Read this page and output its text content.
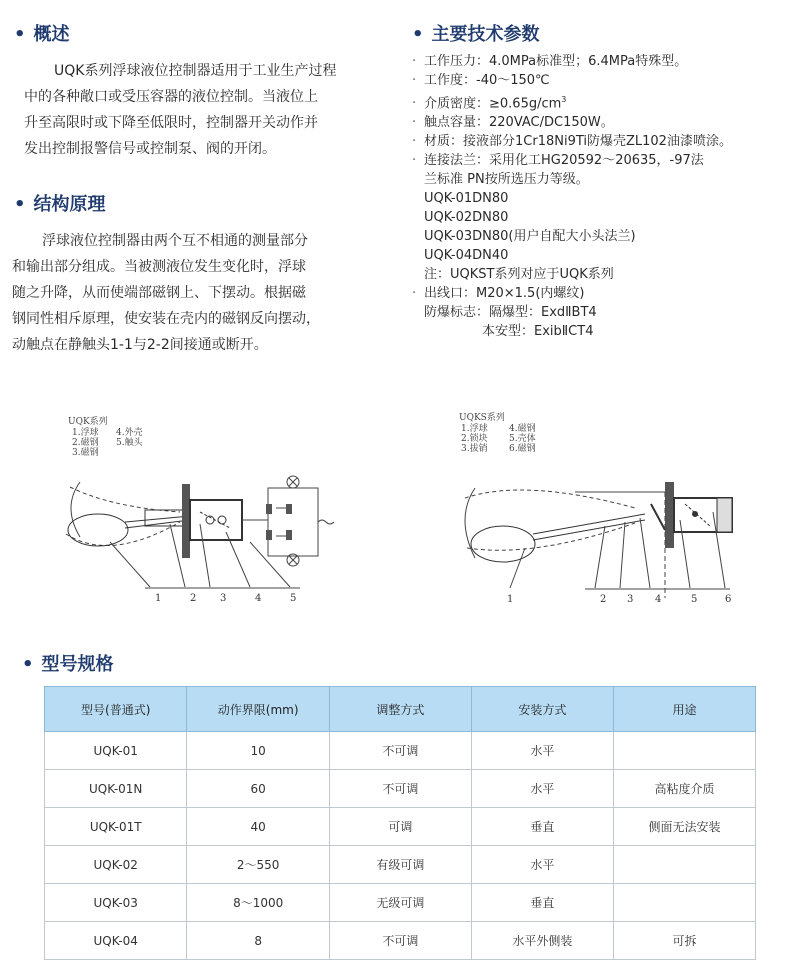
• 概述

UQK系列浮球液位控制器适用于工业生产过程

中的各种敞口或受压容器的液位控制。当液位上

升至高限时或下降至低限时，控制器开关动作并

发出控制报警信号或控制泵、阀的开闭。

• 结构原理

浮球液位控制器由两个互不相通的测量部分

和输出部分组成。当被测液位发生变化时，浮球

随之升降，从而使端部磁钢上、下摆动。根据磁

钢同性相斥原理，使安装在壳内的磁钢反向摆动，

动触点在静触头1-1与2-2间接通或断开。

• 主要技术参数
· 工作压力：4.0MPa标准型；6.4MPa特殊型。
· 工作度：-40～150℃
· 介质密度：$\ge 0.65g/cm^3$
· 触点容量：220VAC/DC150W。
· 材质：接液部分1Cr18Ni9Ti防爆壳ZL102油漆喷涂。
· 连接法兰：采用化工HG20592～20635，-97法
兰标准 PN按所选压力等级。
UQK-01DN80
UQK-02DN80
UQK-03DN80(用户自配大小头法兰)
UQK-04DN40
注：UQKST系列对应于UQK系列
· 出线口：M20×1.5(内螺纹)
防爆标志：隔爆型：ExdⅡBT4
本安型：ExibⅡCT4
UQK系列
1.浮球
2.磁钢
3.磁钢
4.外壳
5.触头
1	2 3	4	5
UQKS系列
1.浮球
2.锁块
3.拔销
4.磁钢
5.壳体
6.磁钢
1	2 3 4	5	6
• 型号规格
型号(普通式)	动作界限(mm)	调整方式	安装方式	用途
UQK-01	10	不可调	水平	
UQK-01N	60	不可调	水平	高粘度介质
UQK-01T	40	可调	垂直	侧面无法安装
UQK-02	2～550	有级可调	水平	
UQK-03	8～1000	无级可调	垂直	
UQK-04	8	不可调	水平外侧装	可拆
